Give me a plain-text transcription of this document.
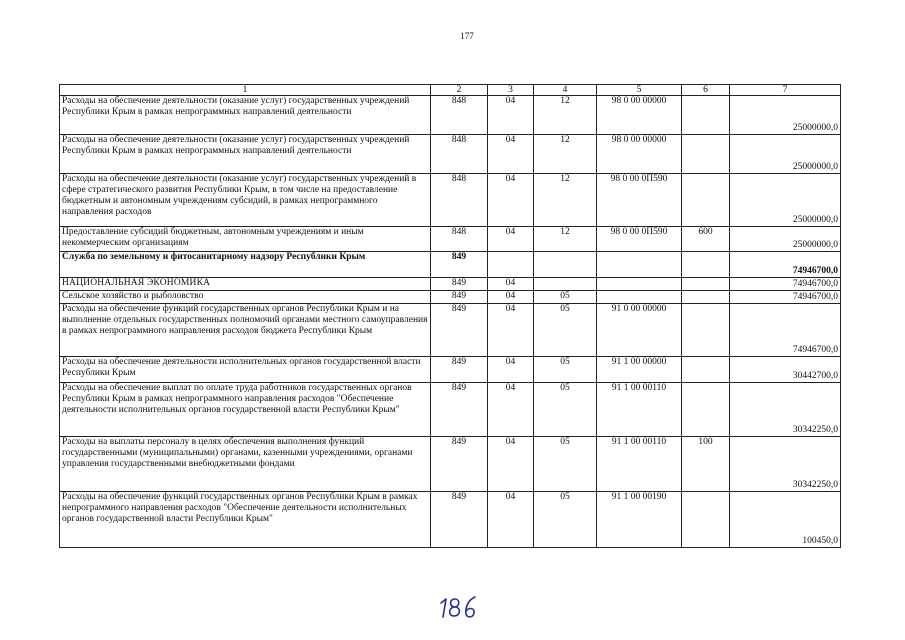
177
1	2	3	4	5	6	7
Расходы на обеспечение деятельности (оказание услуг) государственных учреждений Республики Крым в рамках непрограммных направлений деятельности	848	04	12	98 0 00 00000		25000000,0
Расходы на обеспечение деятельности (оказание услуг) государственных учреждений Республики Крым в рамках непрограммных направлений деятельности	848	04	12	98 0 00 00000		25000000,0
Расходы на обеспечение деятельности (оказание услуг) государственных учреждений в сфере стратегического развития Республики Крым, в том числе на предоставление бюджетным и автономным учреждениям субсидий, в рамках непрограммного направления расходов	848	04	12	98 0 00 0П590		25000000,0
Предоставление субсидий бюджетным, автономным учреждениям и иным некоммерческим организациям	848	04	12	98 0 00 0П590	600	25000000,0
Служба по земельному и фитосанитарному надзору Республики Крым	849					74946700,0
НАЦИОНАЛЬНАЯ ЭКОНОМИКА	849	04				74946700,0
Сельское хозяйство и рыболовство	849	04	05			74946700,0
Расходы на обеспечение функций государственных органов Республики Крым и на выполнение отдельных государственных полномочий органами местного самоуправления в рамках непрограммного направления расходов бюджета Республики Крым	849	04	05	91 0 00 00000		74946700,0
Расходы на обеспечение деятельности исполнительных органов государственной власти Республики Крым	849	04	05	91 1 00 00000		30442700,0
Расходы на обеспечение выплат по оплате труда работников государственных органов Республики Крым в рамках непрограммного направления расходов "Обеспечение деятельности исполнительных органов государственной власти Республики Крым"	849	04	05	91 1 00 00110		30342250,0
Расходы на выплаты персоналу в целях обеспечения выполнения функций государственными (муниципальными) органами, казенными учреждениями, органами управления государственными внебюджетными фондами	849	04	05	91 1 00 00110	100	30342250,0
Расходы на обеспечение функций государственных органов Республики Крым в рамках непрограммного направления расходов "Обеспечение деятельности исполнительных органов государственной власти Республики Крым"	849	04	05	91 1 00 00190		100450,0
